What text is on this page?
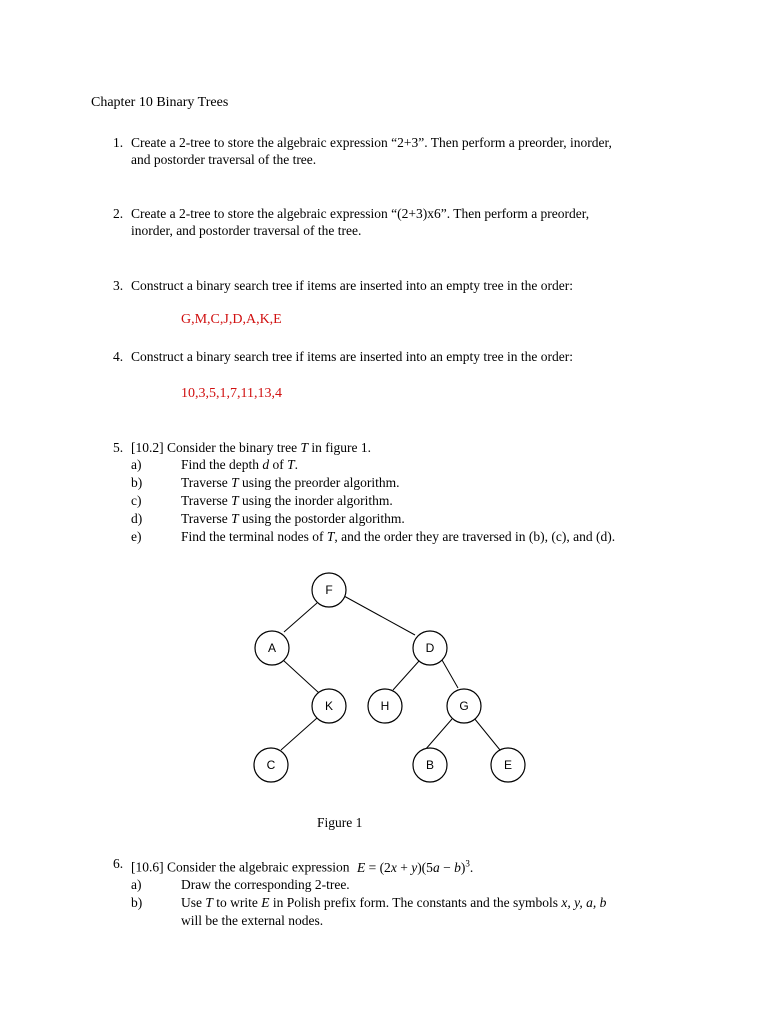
Chapter 10 Binary Trees
1. Create a 2-tree to store the algebraic expression “2+3”. Then perform a preorder, inorder,
and postorder traversal of the tree.
2. Create a 2-tree to store the algebraic expression “(2+3)x6”. Then perform a preorder,
inorder, and postorder traversal of the tree.
3. Construct a binary search tree if items are inserted into an empty tree in the order:
G,M,C,J,D,A,K,E
4. Construct a binary search tree if items are inserted into an empty tree in the order:
10,3,5,1,7,11,13,4
5. [10.2] Consider the binary tree T in figure 1.
a)	Find the depth d of T.
b)	Traverse T using the preorder algorithm.
c)	Traverse T using the inorder algorithm.
d)	Traverse T using the postorder algorithm.
e)	Find the terminal nodes of T, and the order they are traversed in (b), (c), and (d).
F
A	D
K	H	G
C	B	E
Figure 1
6. [10.6] Consider the algebraic expression $E = (2x + y)(5a - b)^3$.
a)	Draw the corresponding 2-tree.
b)	Use T to write E in Polish prefix form. The constants and the symbols x, y, a, b
will be the external nodes.
